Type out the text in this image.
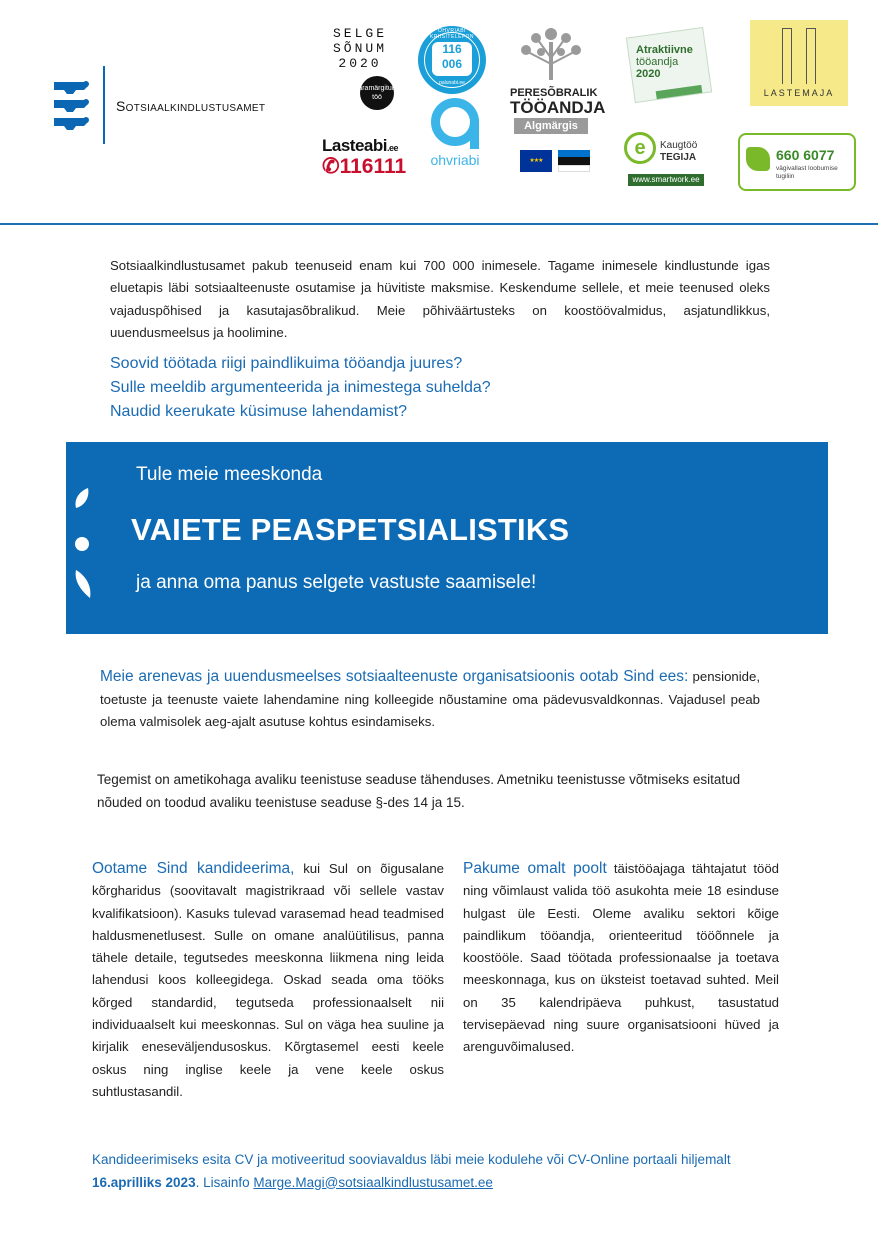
Sotsiaalkindlustusamet
SELGE
SÕNUM
2020
äramärgitud töö
Lasteabi.ee
✆116111
OHVRIABI KRIISITELEFON
116
006
palunabi.ee
ohvriabi
PERESÕBRALIK
TÖÖANDJA
Algmärgis
★★★
Atraktiivne
tööandja
2020
e	Kaugtöö
TEGIJA
www.smartwork.ee
LASTEMAJA
660 6077
vägivallast loobumise
tugiliin
Sotsiaalkindlustusamet pakub teenuseid enam kui 700 000 inimesele. Tagame inimesele kindlustunde igas eluetapis läbi sotsiaalteenuste osutamise ja hüvitiste maksmise. Keskendume sellele, et meie teenused oleks vajaduspõhised ja kasutajasõbralikud. Meie põhiväärtusteks on koostöövalmidus, asjatundlikkus, uuendusmeelsus ja hoolimine.
Soovid töötada riigi paindlikuima tööandja juures?
Sulle meeldib argumenteerida ja inimestega suhelda?
Naudid keerukate küsimuse lahendamist?
Tule meie meeskonda
VAIETE PEASPETSIALISTIKS
ja anna oma panus selgete vastuste saamisele!
Meie arenevas ja uuendusmeelses sotsiaalteenuste organisatsioonis ootab Sind ees: pensionide, toetuste ja teenuste vaiete lahendamine ning kolleegide nõustamine oma pädevusvaldkonnas. Vajadusel peab olema valmisolek aeg-ajalt asutuse kohtus esindamiseks.
Tegemist on ametikohaga avaliku teenistuse seaduse tähenduses. Ametniku teenistusse võtmiseks esitatud nõuded on toodud avaliku teenistuse seaduse §-des 14 ja 15.
Ootame Sind kandideerima, kui Sul on õigusalane kõrgharidus (soovitavalt magistrikraad või sellele vastav kvalifikatsioon). Kasuks tulevad varasemad head teadmised haldusmenetlusest. Sulle on omane analüütilisus, panna tähele detaile, tegutsedes meeskonna liikmena ning leida lahendusi koos kolleegidega. Oskad seada oma tööks kõrged standardid, tegutseda professionaalselt nii individuaalselt kui meeskonnas. Sul on väga hea suuline ja kirjalik eneseväljendusoskus. Kõrgtasemel eesti keele oskus ning inglise keele ja vene keele oskus suhtlustasandil.
Pakume omalt poolt täistööajaga tähtajatut tööd ning võimlaust valida töö asukohta meie 18 esinduse hulgast üle Eesti. Oleme avaliku sektori kõige paindlikum tööandja, orienteeritud tööõnnele ja koostööle. Saad töötada professionaalse ja toetava meeskonnaga, kus on üksteist toetavad suhted. Meil on 35 kalendripäeva puhkust, tasustatud tervisepäevad ning suure organisatsiooni hüved ja arenguvõimalused.
Kandideerimiseks esita CV ja motiveeritud sooviavaldus läbi meie kodulehe või CV-Online portaali hiljemalt 16.aprilliks 2023. Lisainfo Marge.Magi@sotsiaalkindlustusamet.ee
